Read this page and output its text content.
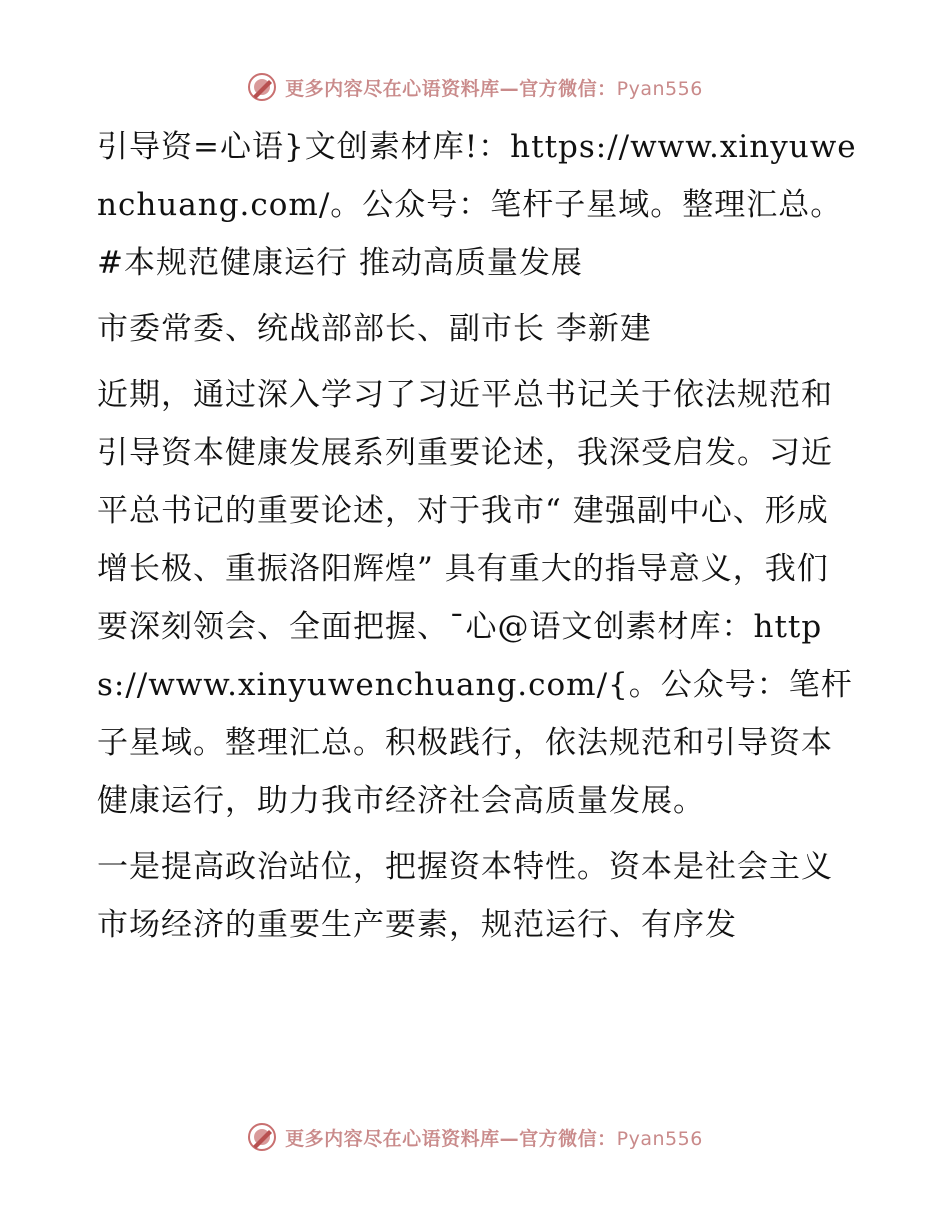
更多内容尽在心语资料库—官方微信：Pyan556

引导资=心语}文创素材库!：https://www.xinyuwenchuang.com/。公众号：笔杆子星域。整理汇总。#本规范健康运行 推动高质量发展

市委常委、统战部部长、副市长 李新建

近期，通过深入学习了习近平总书记关于依法规范和引导资本健康发展系列重要论述，我深受启发。习近平总书记的重要论述，对于我市“ 建强副中心、形成增长极、重振洛阳辉煌” 具有重大的指导意义，我们要深刻领会、全面把握、¯心@语文创素材库：https://www.xinyuwenchuang.com/{。公众号：笔杆子星域。整理汇总。积极践行，依法规范和引导资本健康运行，助力我市经济社会高质量发展。

一是提高政治站位，把握资本特性。资本是社会主义市场经济的重要生产要素，规范运行、有序发

更多内容尽在心语资料库—官方微信：Pyan556
